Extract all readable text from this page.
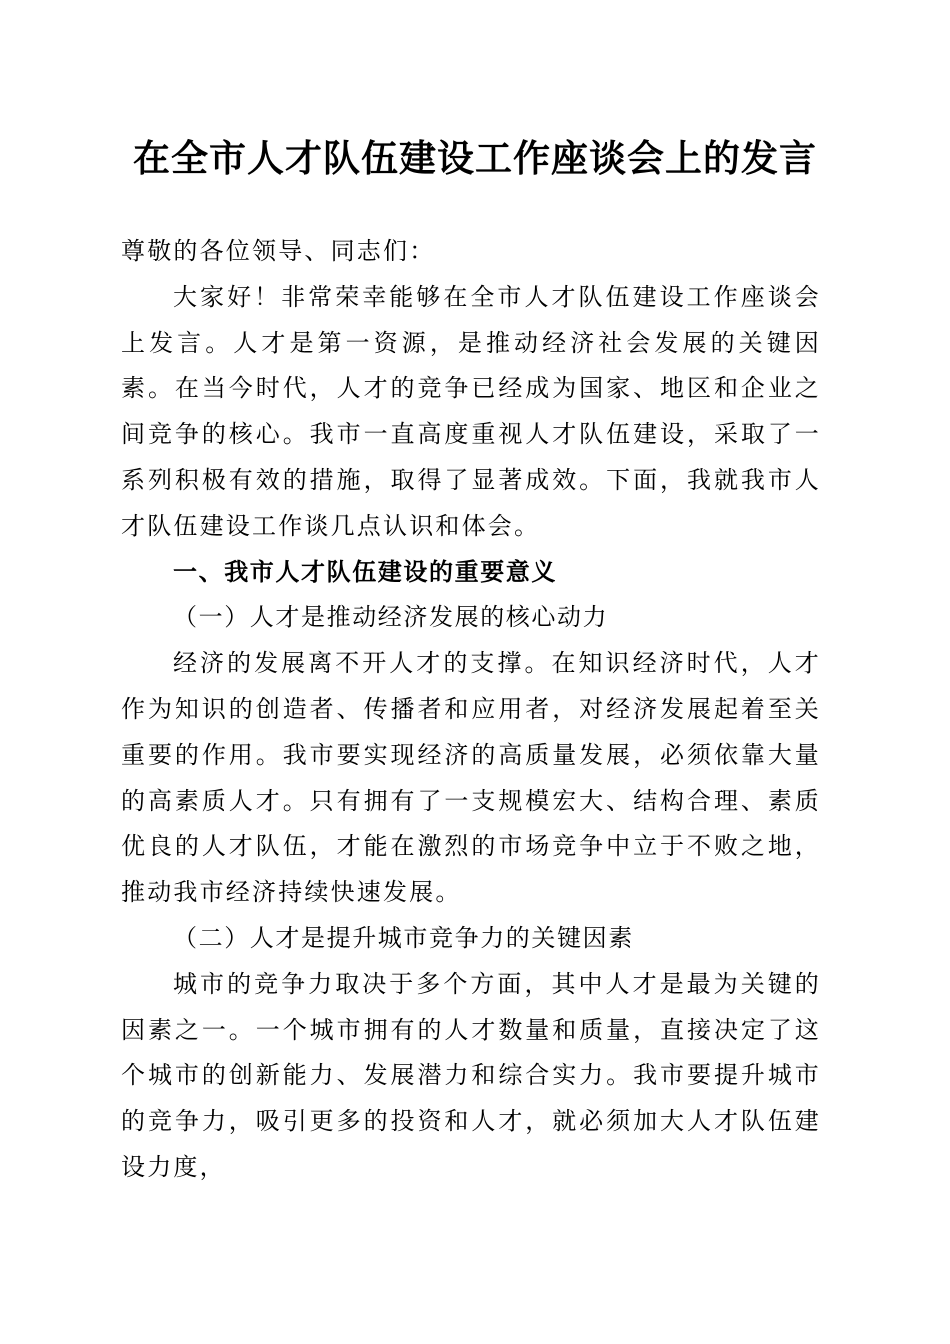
在全市人才队伍建设工作座谈会上的发言

尊敬的各位领导、同志们：

大家好！非常荣幸能够在全市人才队伍建设工作座谈会上发言。人才是第一资源，是推动经济社会发展的关键因素。在当今时代，人才的竞争已经成为国家、地区和企业之间竞争的核心。我市一直高度重视人才队伍建设，采取了一系列积极有效的措施，取得了显著成效。下面，我就我市人才队伍建设工作谈几点认识和体会。

一、我市人才队伍建设的重要意义

（一）人才是推动经济发展的核心动力

经济的发展离不开人才的支撑。在知识经济时代，人才作为知识的创造者、传播者和应用者，对经济发展起着至关重要的作用。我市要实现经济的高质量发展，必须依靠大量的高素质人才。只有拥有了一支规模宏大、结构合理、素质优良的人才队伍，才能在激烈的市场竞争中立于不败之地，推动我市经济持续快速发展。

（二）人才是提升城市竞争力的关键因素

城市的竞争力取决于多个方面，其中人才是最为关键的因素之一。一个城市拥有的人才数量和质量，直接决定了这个城市的创新能力、发展潜力和综合实力。我市要提升城市的竞争力，吸引更多的投资和人才，就必须加大人才队伍建设力度，
